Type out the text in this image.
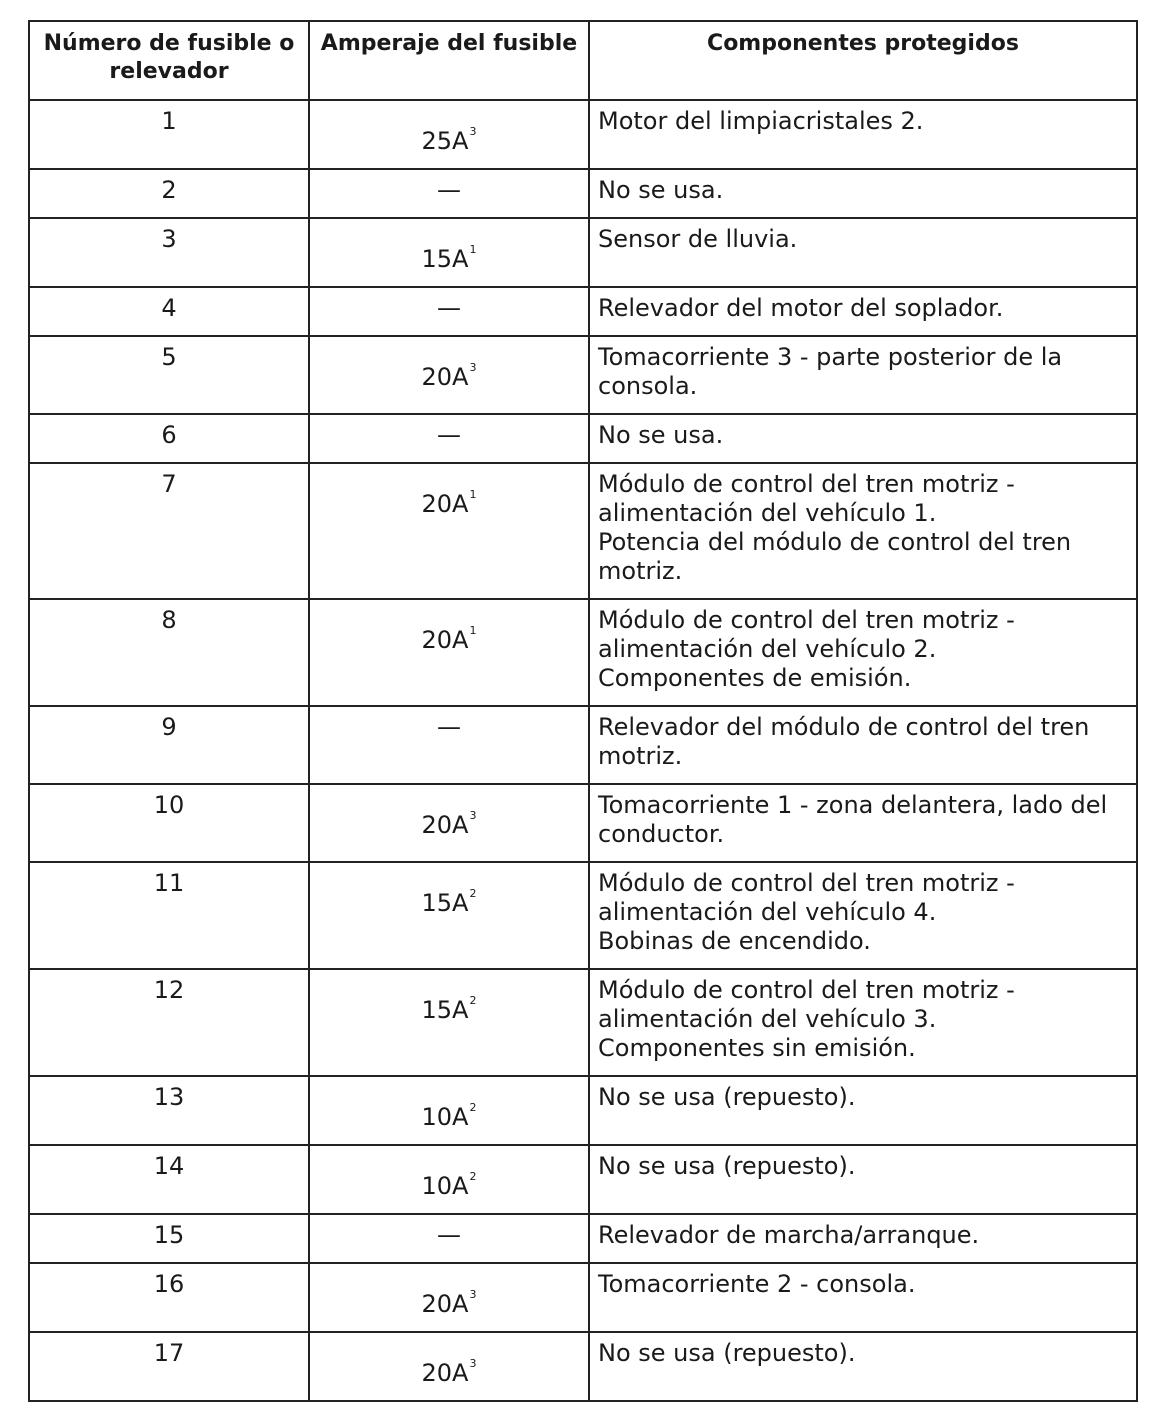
Número de fusible o relevador	Amperaje del fusible	Componentes protegidos
1	$25A^3$	Motor del limpiacristales 2.

2	—	No se usa.

3	$15A^1$	Sensor de lluvia.

4	—	Relevador del motor del soplador.

5	$20A^3$	Tomacorriente 3 - parte posterior de la consola.

6	—	No se usa.

7	$20A^1$	Módulo de control del tren motriz - alimentación del vehículo 1.
Potencia del módulo de control del tren motriz.

8	$20A^1$	Módulo de control del tren motriz - alimentación del vehículo 2.
Componentes de emisión.

9	—	Relevador del módulo de control del tren motriz.

10	$20A^3$	Tomacorriente 1 - zona delantera, lado del conductor.

11	$15A^2$	Módulo de control del tren motriz - alimentación del vehículo 4.
Bobinas de encendido.

12	$15A^2$	Módulo de control del tren motriz - alimentación del vehículo 3.
Componentes sin emisión.

13	$10A^2$	No se usa (repuesto).

14	$10A^2$	No se usa (repuesto).

15	—	Relevador de marcha/arranque.

16	$20A^3$	Tomacorriente 2 - consola.

17	$20A^3$	No se usa (repuesto).
